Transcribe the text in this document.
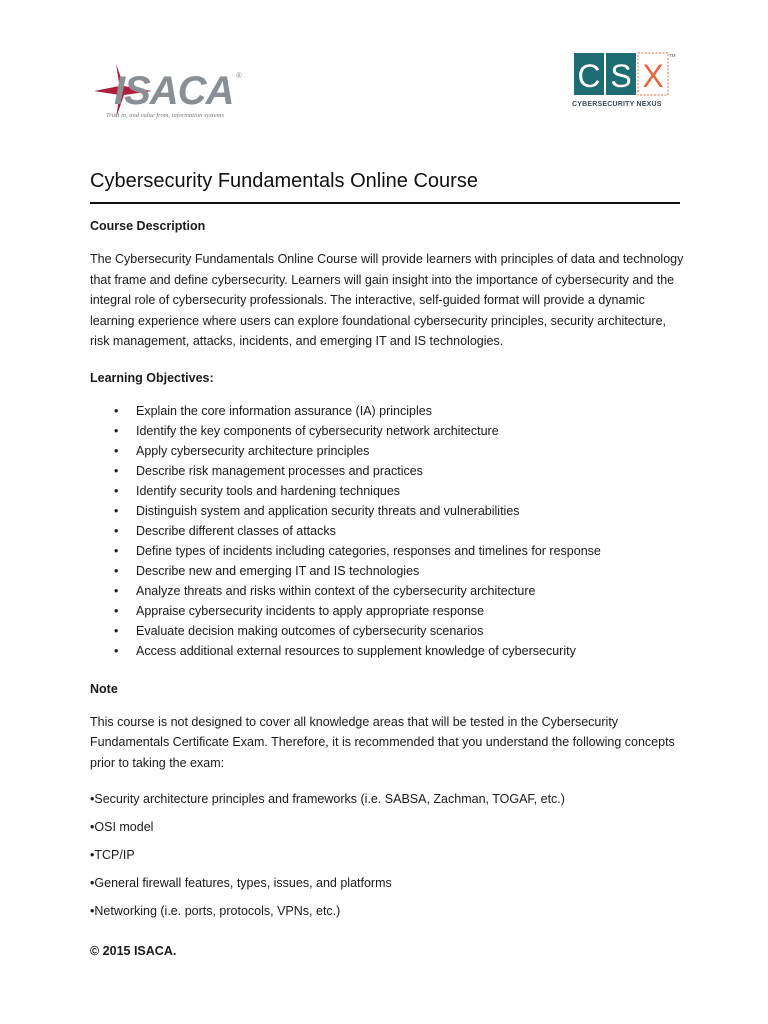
ISACA ®
Trust in, and value from, information systems
C S X
TM
CYBERSECURITY NEXUS
Cybersecurity Fundamentals Online Course

Course Description

The Cybersecurity Fundamentals Online Course will provide learners with principles of data and technology that frame and define cybersecurity. Learners will gain insight into the importance of cybersecurity and the integral role of cybersecurity professionals. The interactive, self-guided format will provide a dynamic learning experience where users can explore foundational cybersecurity principles, security architecture, risk management, attacks, incidents, and emerging IT and IS technologies.

Learning Objectives:

• Explain the core information assurance (IA) principles
• Identify the key components of cybersecurity network architecture
• Apply cybersecurity architecture principles
• Describe risk management processes and practices
• Identify security tools and hardening techniques
• Distinguish system and application security threats and vulnerabilities
• Describe different classes of attacks
• Define types of incidents including categories, responses and timelines for response
• Describe new and emerging IT and IS technologies
• Analyze threats and risks within context of the cybersecurity architecture
• Appraise cybersecurity incidents to apply appropriate response
• Evaluate decision making outcomes of cybersecurity scenarios
• Access additional external resources to supplement knowledge of cybersecurity

Note

This course is not designed to cover all knowledge areas that will be tested in the Cybersecurity Fundamentals Certificate Exam. Therefore, it is recommended that you understand the following concepts prior to taking the exam:

• Security architecture principles and frameworks (i.e. SABSA, Zachman, TOGAF, etc.)
• OSI model
• TCP/IP
• General firewall features, types, issues, and platforms
• Networking (i.e. ports, protocols, VPNs, etc.)
© 2015 ISACA.
